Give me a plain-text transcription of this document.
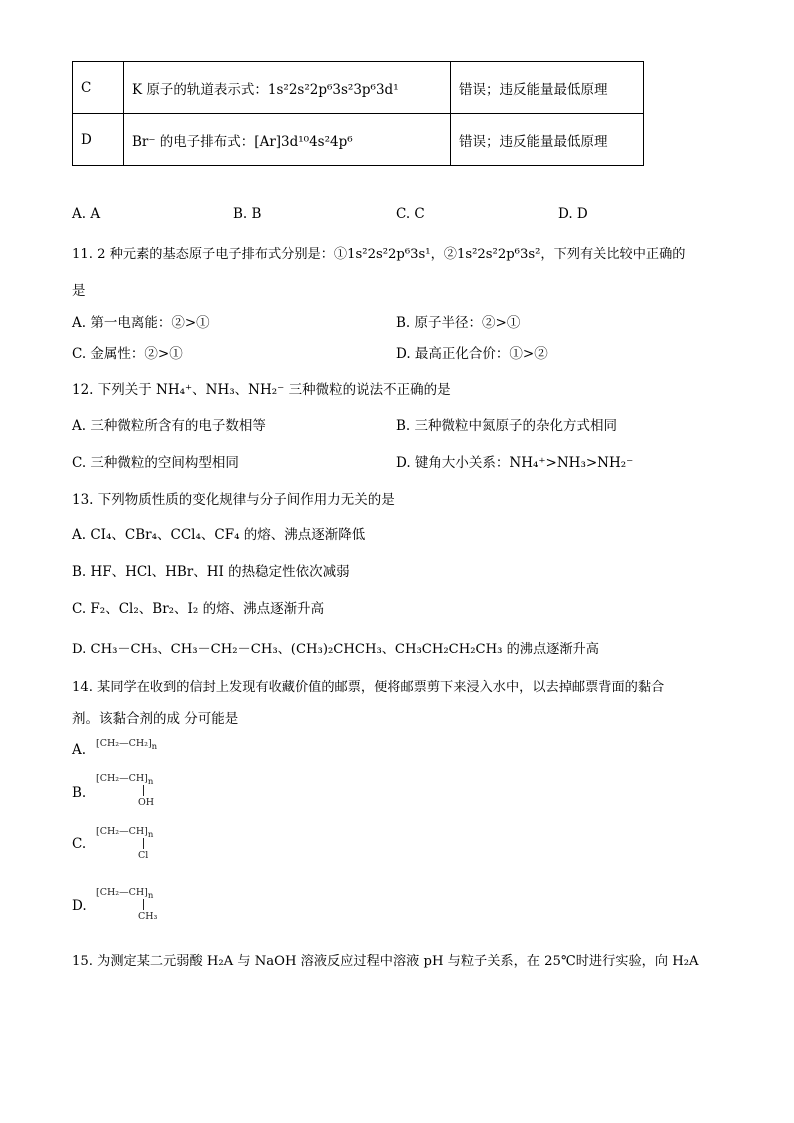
C	K 原子的轨道表示式：1s²2s²2p⁶3s²3p⁶3d¹	错误；违反能量最低原理
D	Br⁻ 的电子排布式：[Ar]3d¹⁰4s²4p⁶	错误；违反能量最低原理
A. A	B. B	C. C	D. D
11. 2 种元素的基态原子电子排布式分别是：①1s²2s²2p⁶3s¹，②1s²2s²2p⁶3s²，下列有关比较中正确的
是
A. 第一电离能：②>①	B. 原子半径：②>①
C. 金属性：②>①	D. 最高正化合价：①>②
12. 下列关于 NH₄⁺、NH₃、NH₂⁻ 三种微粒的说法不正确的是
A. 三种微粒所含有的电子数相等	B. 三种微粒中氮原子的杂化方式相同
C. 三种微粒的空间构型相同	D. 键角大小关系：NH₄⁺>NH₃>NH₂⁻
13. 下列物质性质的变化规律与分子间作用力无关的是
A. CI₄、CBr₄、CCl₄、CF₄ 的熔、沸点逐渐降低
B. HF、HCl、HBr、HI 的热稳定性依次减弱
C. F₂、Cl₂、Br₂、I₂ 的熔、沸点逐渐升高
D. CH₃－CH₃、CH₃－CH₂－CH₃、(CH₃)₂CHCH₃、CH₃CH₂CH₂CH₃ 的沸点逐渐升高
14. 某同学在收到的信封上发现有收藏价值的邮票，便将邮票剪下来浸入水中，以去掉邮票背面的黏合
剂。该黏合剂的成 分可能是
A. $[CH_2—CH_2]_n$
B.
$[CH_2—CH]_n$
OH
C.
$[CH_2—CH]_n$
Cl
D.
$[CH_2—CH]_n$
CH₃
15. 为测定某二元弱酸 H₂A 与 NaOH 溶液反应过程中溶液 pH 与粒子关系，在 25℃时进行实验，向 H₂A
